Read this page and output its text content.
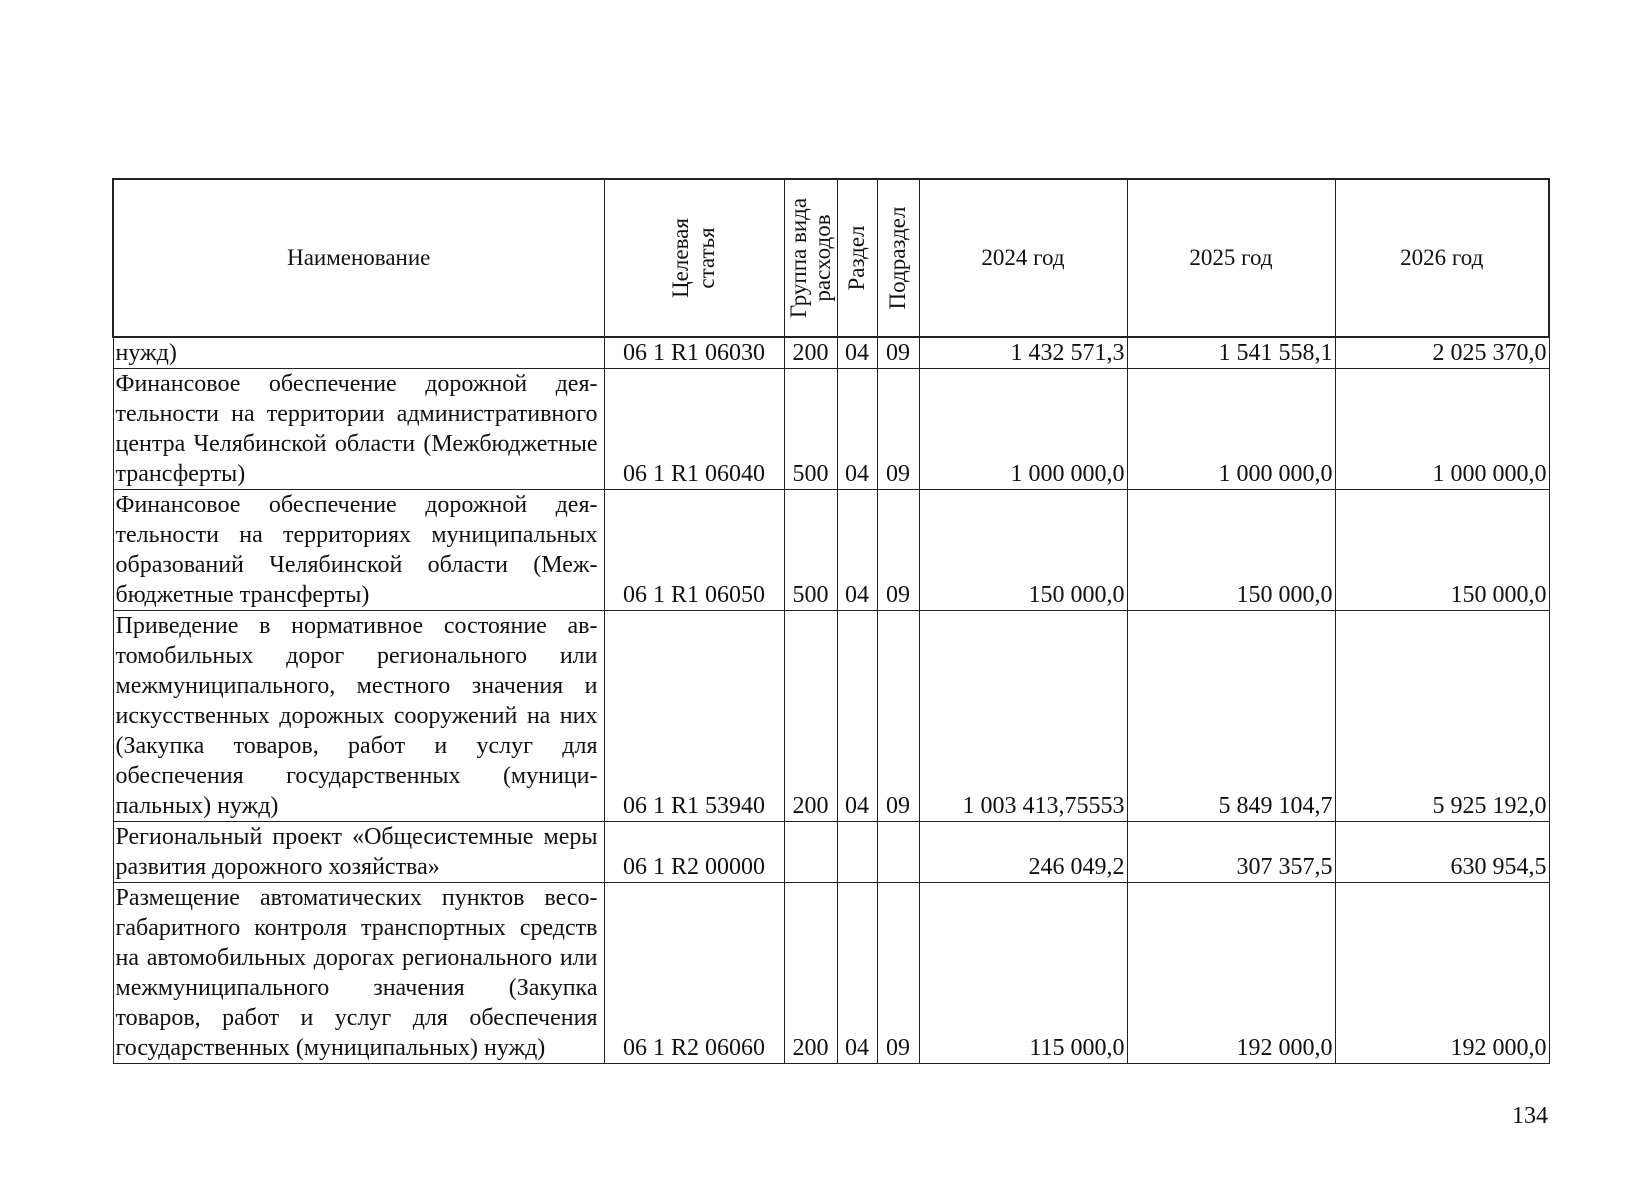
Наименование	Целевая статья	Группа вида расходов	Раздел	Подраздел	2024 год	2025 год	2026 год
нужд)	06 1 R1 06030	200	04	09	1 432 571,3	1 541 558,1	2 025 370,0
Финансовое обеспечение дорожной деятельности на территории административного центра Челябинской области (Межбюджетные трансферты)	06 1 R1 06040	500	04	09	1 000 000,0	1 000 000,0	1 000 000,0
Финансовое обеспечение дорожной деятельности на территориях муниципальных образований Челябинской области (Межбюджетные трансферты)	06 1 R1 06050	500	04	09	150 000,0	150 000,0	150 000,0
Приведение в нормативное состояние автомобильных дорог регионального или межмуниципального, местного значения и искусственных дорожных сооружений на них (Закупка товаров, работ и услуг для обеспечения государственных (муниципальных) нужд)	06 1 R1 53940	200	04	09	1 003 413,75553	5 849 104,7	5 925 192,0
Региональный проект «Общесистемные меры развития дорожного хозяйства»	06 1 R2 00000				246 049,2	307 357,5	630 954,5
Размещение автоматических пунктов весогабаритного контроля транспортных средств на автомобильных дорогах регионального или межмуниципального значения (Закупка товаров, работ и услуг для обеспечения государственных (муниципальных) нужд)	06 1 R2 06060	200	04	09	115 000,0	192 000,0	192 000,0
134
